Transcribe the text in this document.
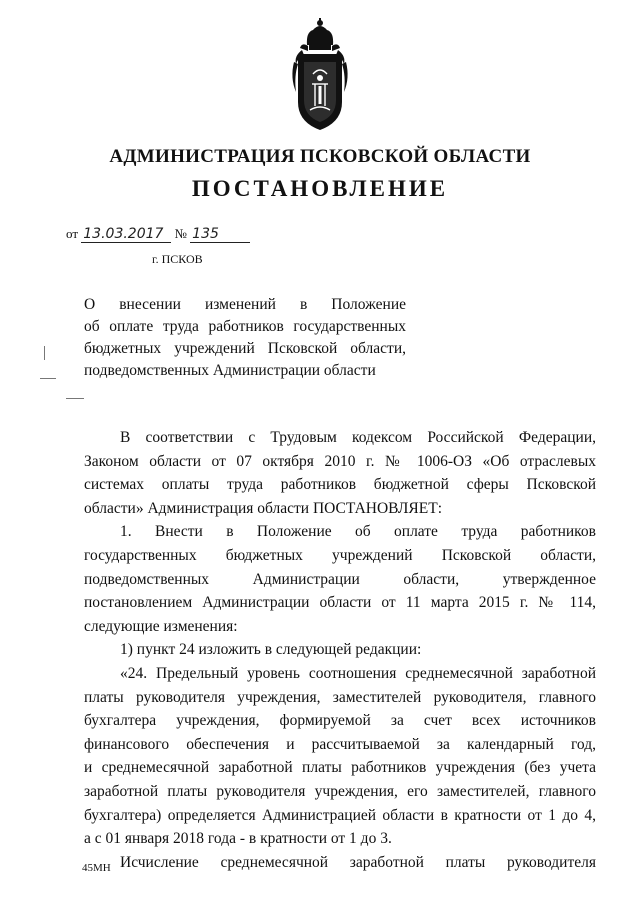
АДМИНИСТРАЦИЯ ПСКОВСКОЙ ОБЛАСТИ
ПОСТАНОВЛЕНИЕ
от 13.03.2017 № 135
г. ПСКОВ
О внесении изменений в Положение
об оплате труда работников государственных
бюджетных учреждений Псковской области,
подведомственных Администрации области
В соответствии с Трудовым кодексом Российской Федерации,
Законом области от 07 октября 2010 г. № 1006-ОЗ «Об отраслевых
системах оплаты труда работников бюджетной сферы Псковской
области» Администрация области ПОСТАНОВЛЯЕТ:
1. Внести в Положение об оплате труда работников
государственных бюджетных учреждений Псковской области,
подведомственных Администрации области, утвержденное
постановлением Администрации области от 11 марта 2015 г. № 114,
следующие изменения:
1) пункт 24 изложить в следующей редакции:
«24. Предельный уровень соотношения среднемесячной заработной
платы руководителя учреждения, заместителей руководителя, главного
бухгалтера учреждения, формируемой за счет всех источников
финансового обеспечения и рассчитываемой за календарный год,
и среднемесячной заработной платы работников учреждения (без учета
заработной платы руководителя учреждения, его заместителей, главного
бухгалтера) определяется Администрацией области в кратности от 1 до 4,
а с 01 января 2018 года - в кратности от 1 до 3.
Исчисление среднемесячной заработной платы руководителя
45МН
